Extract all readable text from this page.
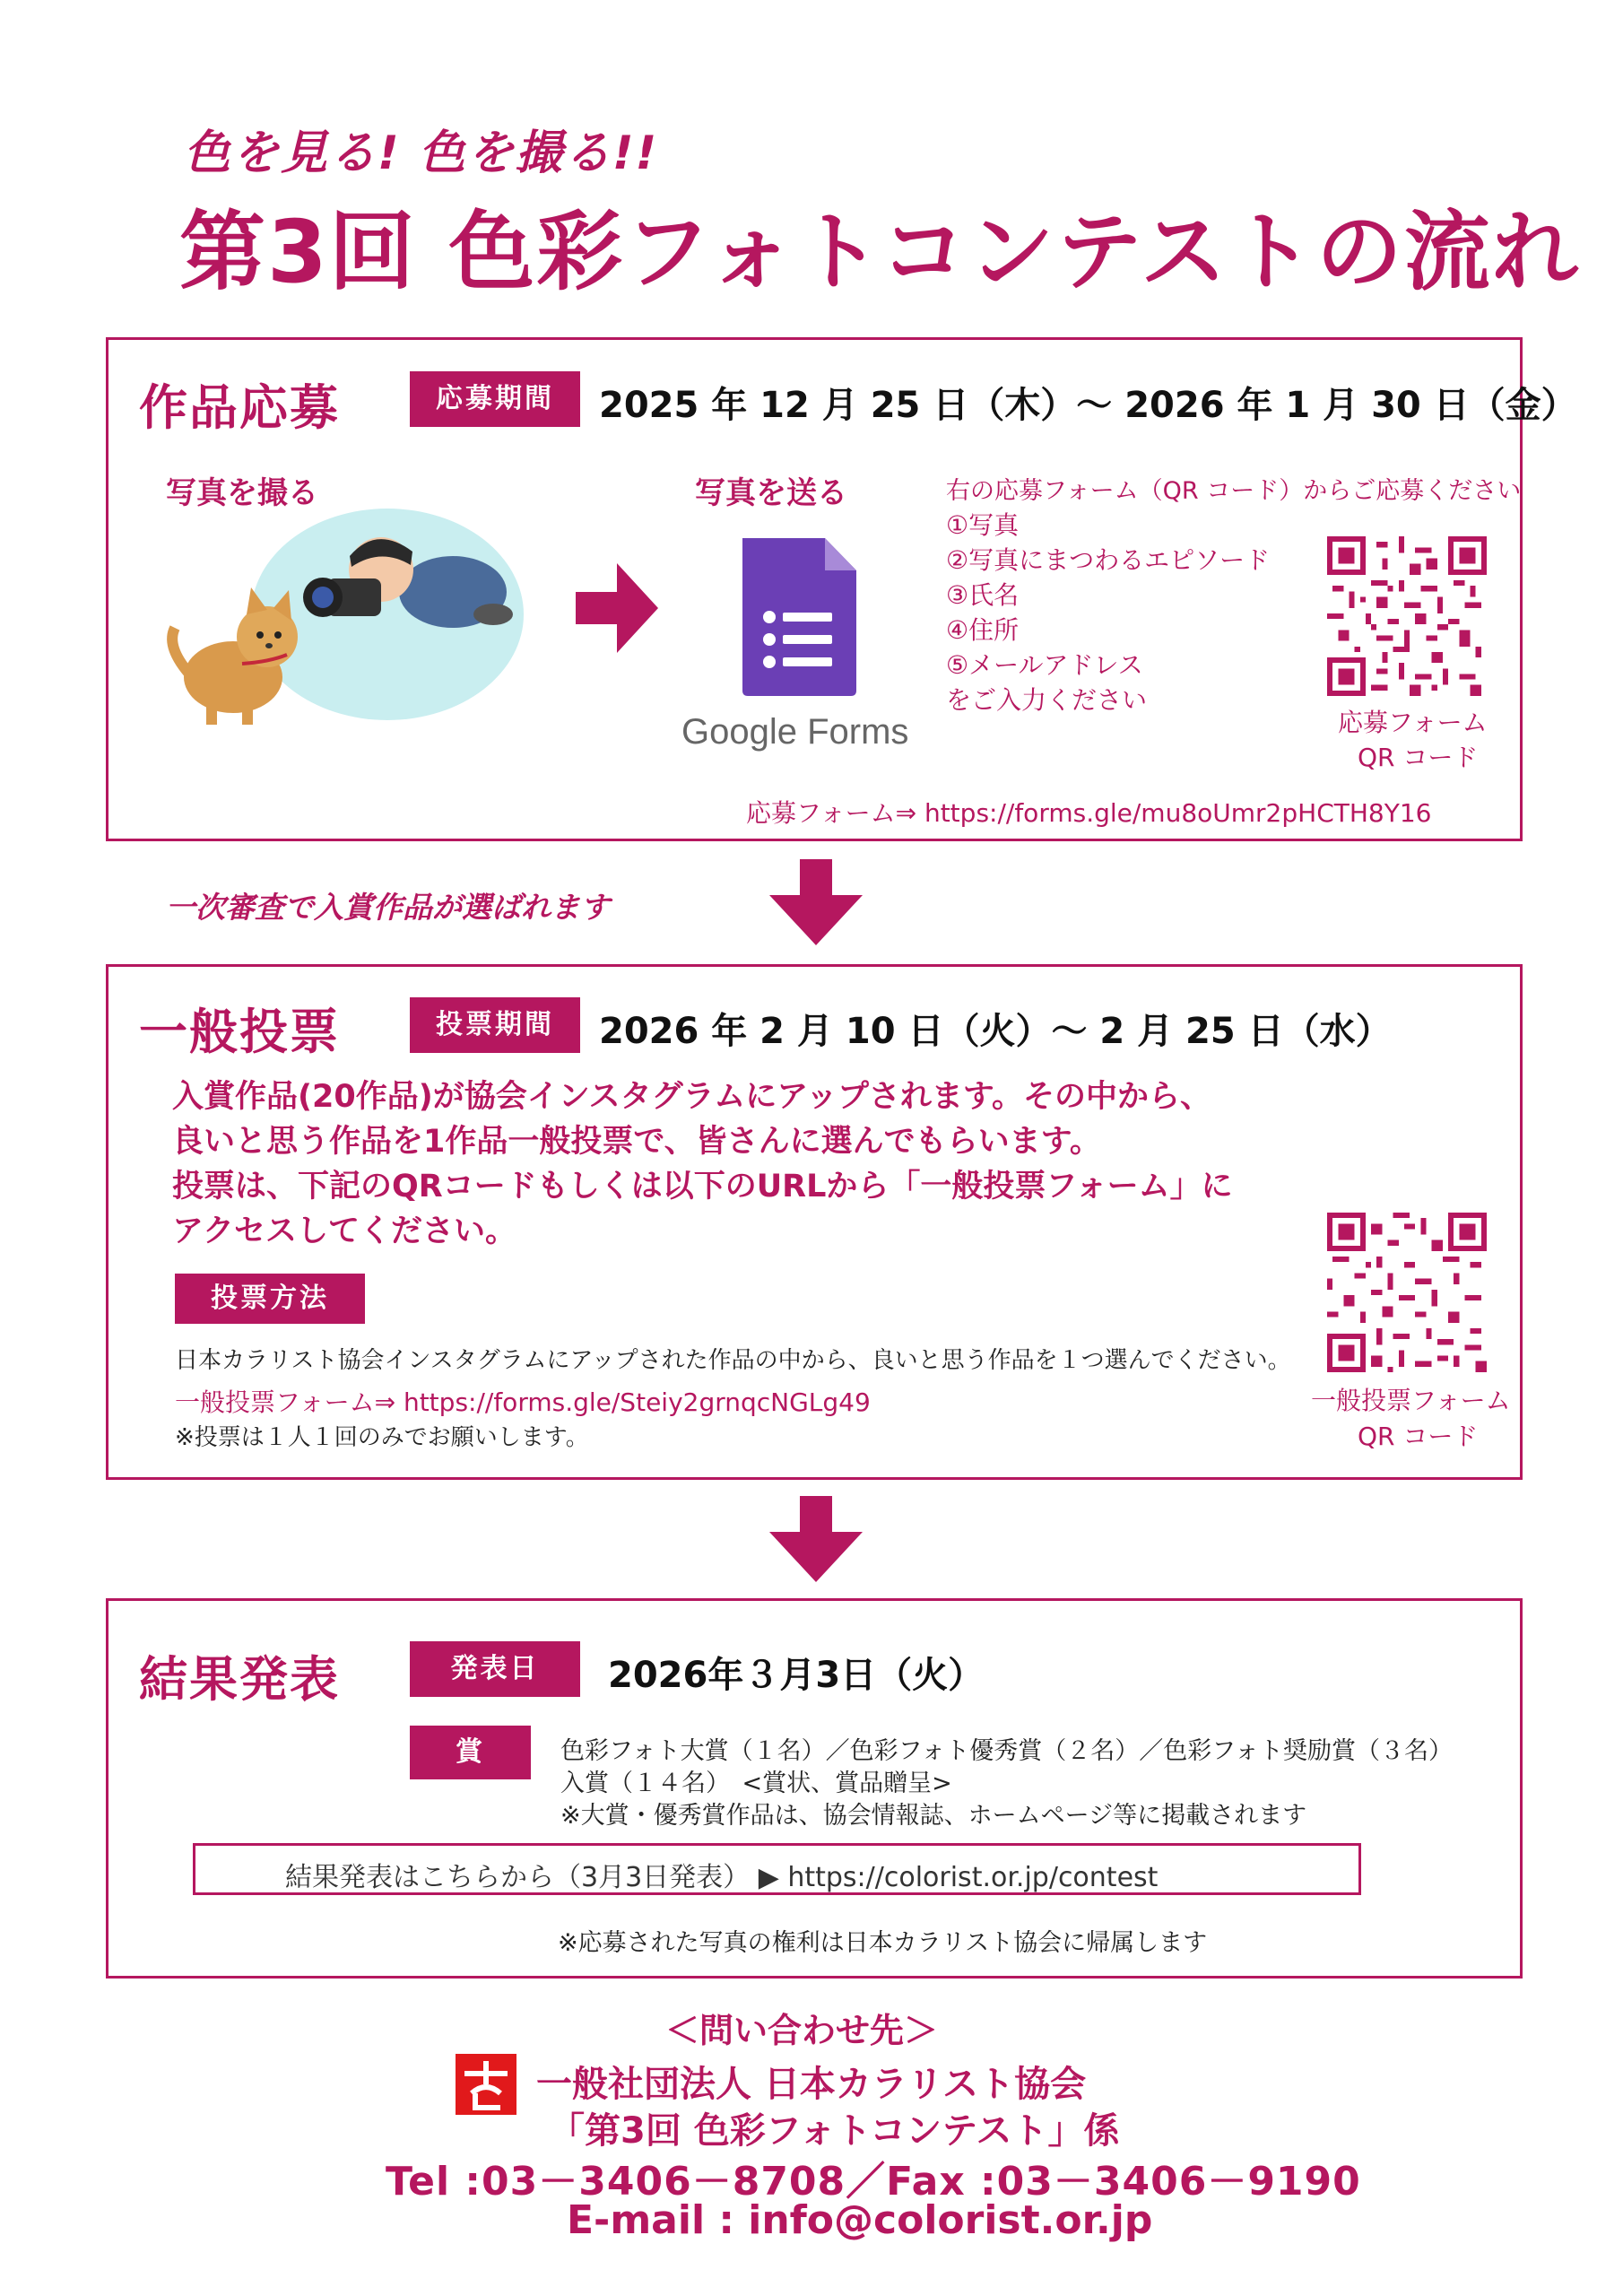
色を見る! 色を撮る!!
第3回 色彩フォトコンテストの流れ
作品応募	応募期間	2025 年 12 月 25 日（木）～ 2026 年 1 月 30 日（金）
写真を撮る	写真を送る
Google Forms
右の応募フォーム（QR コード）からご応募ください
①写真
②写真にまつわるエピソード
③氏名
④住所
⑤メールアドレス
をご入力ください
応募フォーム
QR コード
応募フォーム⇒ https://forms.gle/mu8oUmr2pHCTH8Y16
一次審査で入賞作品が選ばれます
一般投票	投票期間	2026 年 2 月 10 日（火）～ 2 月 25 日（水）
入賞作品(20作品)が協会インスタグラムにアップされます。その中から、
良いと思う作品を1作品一般投票で、皆さんに選んでもらいます。
投票は、下記のQRコードもしくは以下のURLから「一般投票フォーム」に
アクセスしてください。
投票方法
日本カラリスト協会インスタグラムにアップされた作品の中から、良いと思う作品を１つ選んでください。
一般投票フォーム⇒ https://forms.gle/Steiy2grnqcNGLg49
※投票は１人１回のみでお願いします。
一般投票フォーム
QR コード
結果発表	発表日	2026年３月3日（火）
賞	色彩フォト大賞（１名）／色彩フォト優秀賞（２名）／色彩フォト奨励賞（３名）
入賞（１４名）　<賞状、賞品贈呈>
※大賞・優秀賞作品は、協会情報誌、ホームページ等に掲載されます
結果発表はこちらから（3月3日発表） ▶ https://colorist.or.jp/contest
※応募された写真の権利は日本カラリスト協会に帰属します
＜問い合わせ先＞
一般社団法人 日本カラリスト協会
「第3回 色彩フォトコンテスト」係
Tel :03－3406－8708／Fax :03－3406－9190
E-mail : info@colorist.or.jp
